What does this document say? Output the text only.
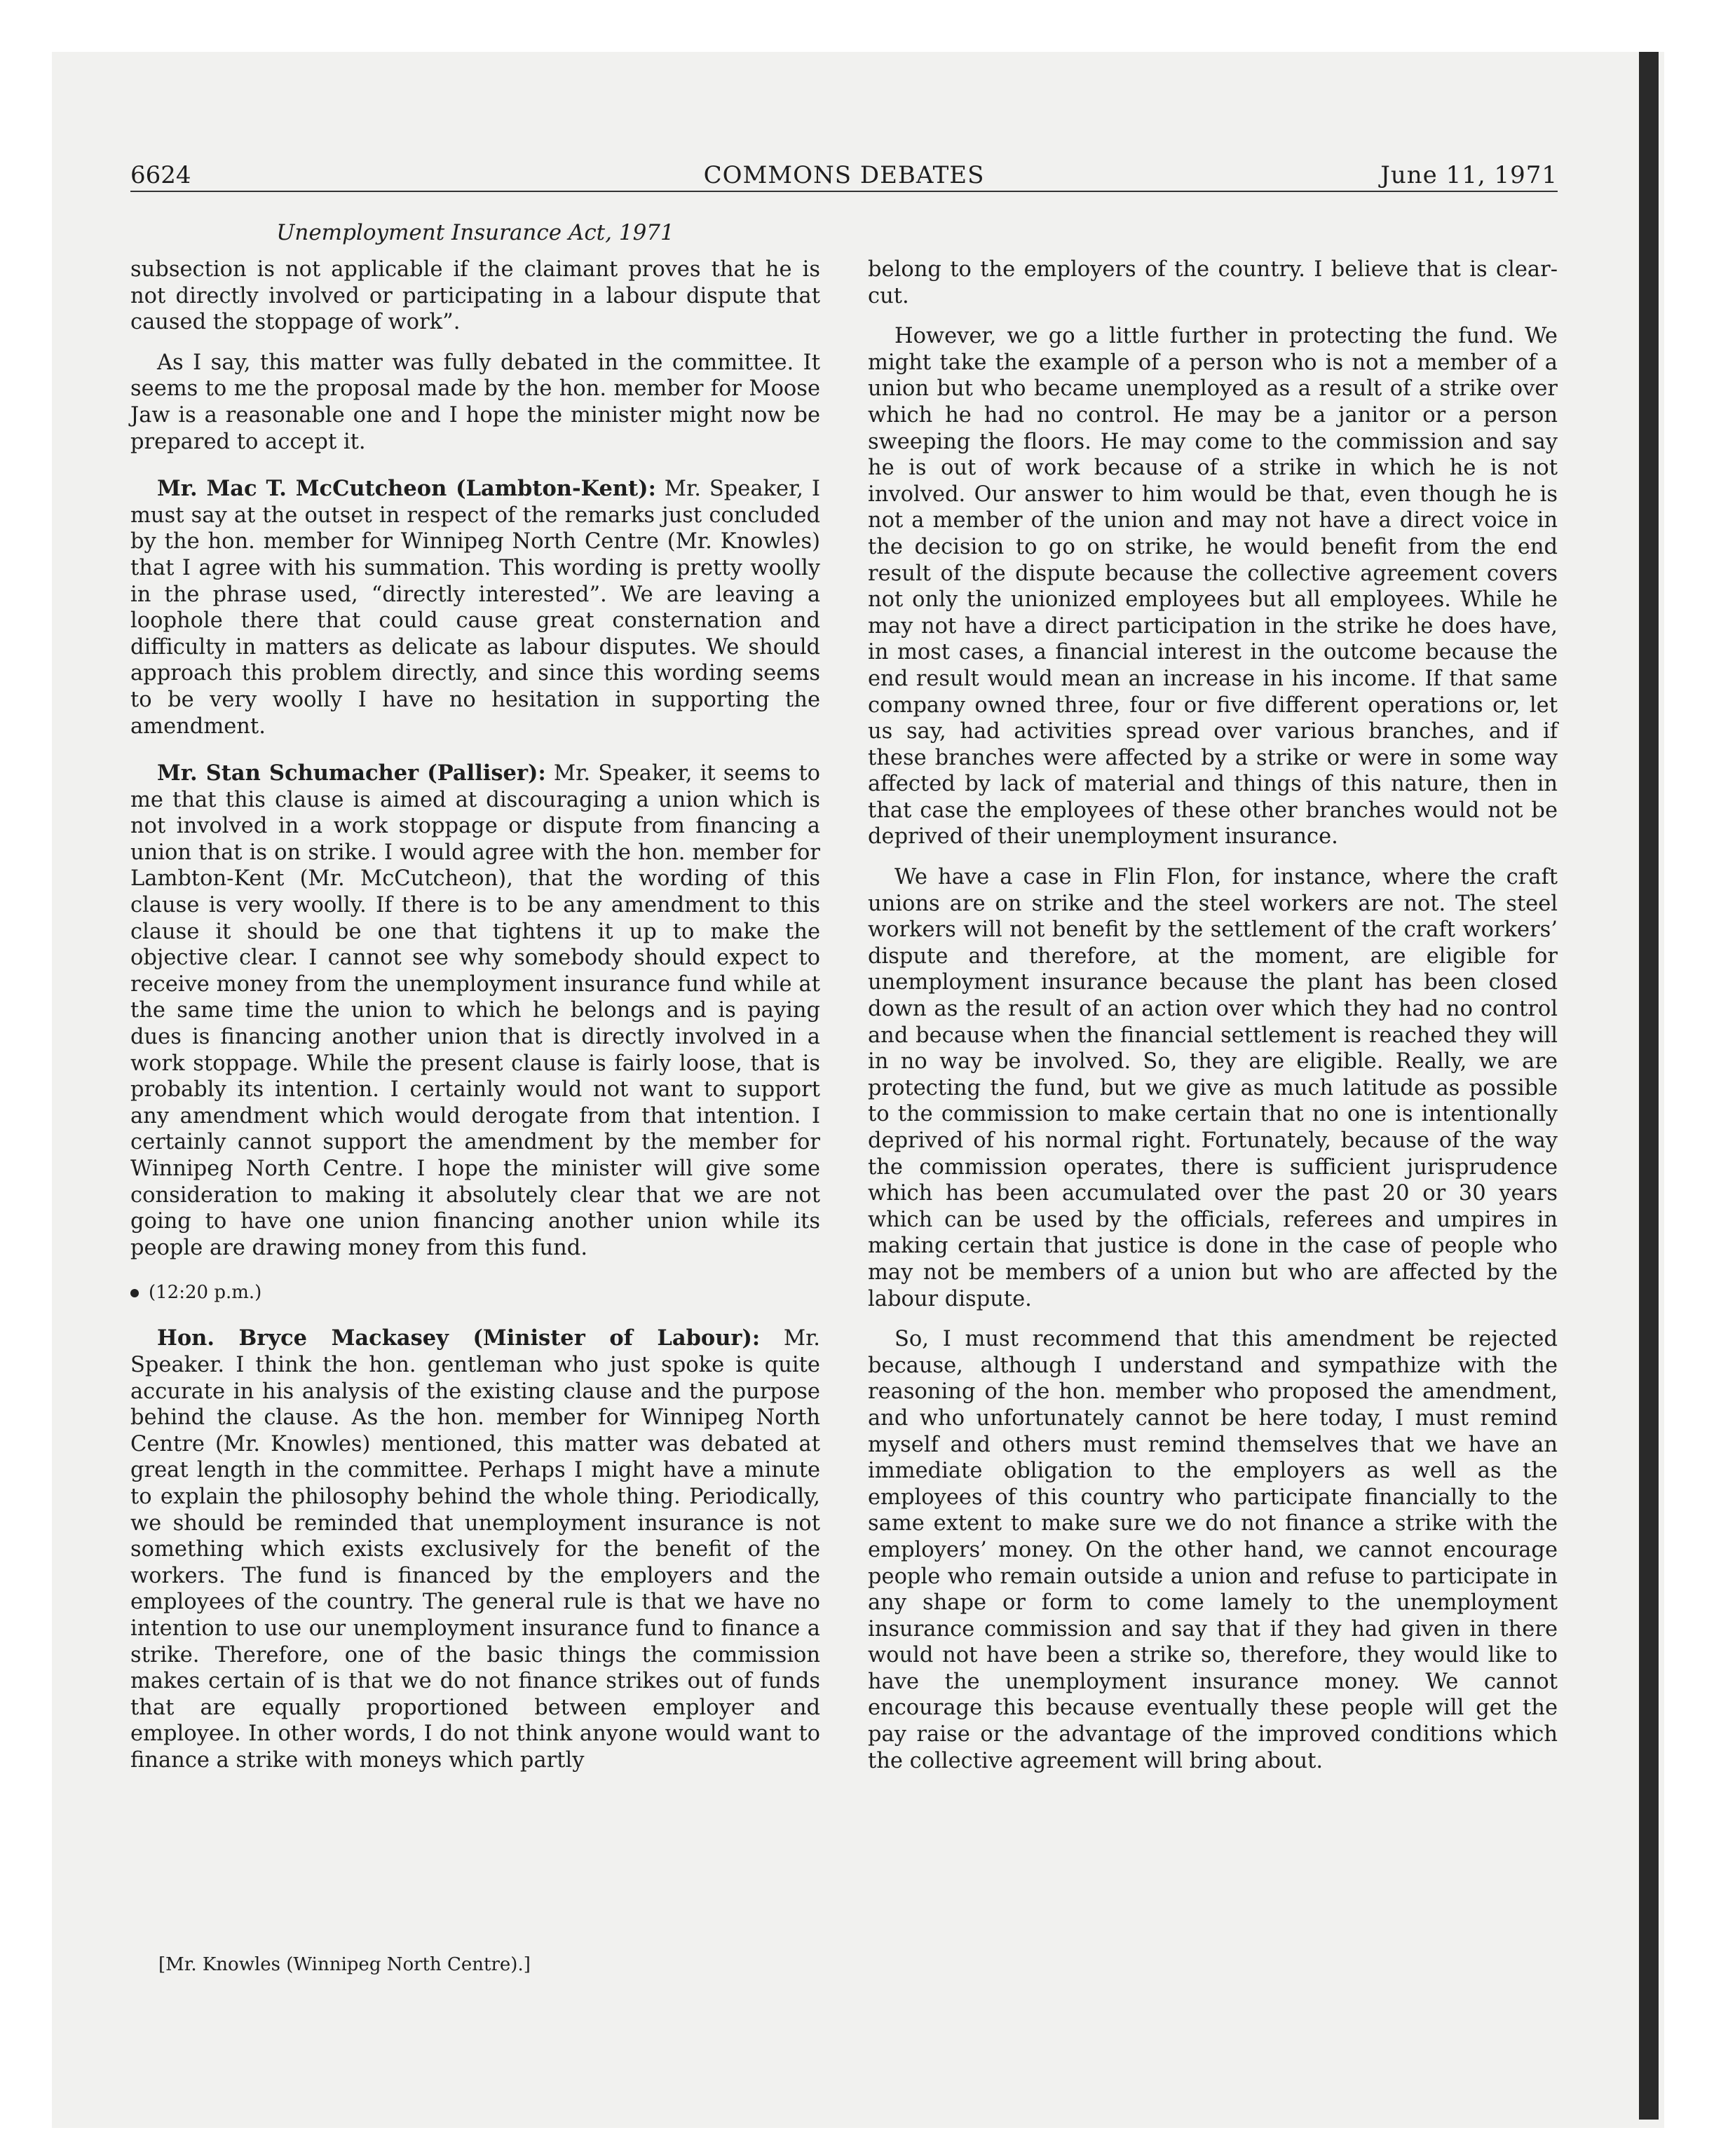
6624	COMMONS DEBATES	June 11, 1971
Unemployment Insurance Act, 1971

subsection is not applicable if the claimant proves that he is not directly involved or participating in a labour dispute that caused the stoppage of work”.

As I say, this matter was fully debated in the committee. It seems to me the proposal made by the hon. member for Moose Jaw is a reasonable one and I hope the minister might now be prepared to accept it.

Mr. Mac T. McCutcheon (Lambton-Kent): Mr. Speaker, I must say at the outset in respect of the remarks just concluded by the hon. member for Winnipeg North Centre (Mr. Knowles) that I agree with his summation. This wording is pretty woolly in the phrase used, “directly interested”. We are leaving a loophole there that could cause great consternation and difficulty in matters as delicate as labour disputes. We should approach this problem directly, and since this wording seems to be very woolly I have no hesitation in supporting the amendment.

Mr. Stan Schumacher (Palliser): Mr. Speaker, it seems to me that this clause is aimed at discouraging a union which is not involved in a work stoppage or dispute from financing a union that is on strike. I would agree with the hon. member for Lambton-Kent (Mr. McCutcheon), that the wording of this clause is very woolly. If there is to be any amendment to this clause it should be one that tightens it up to make the objective clear. I cannot see why somebody should expect to receive money from the unemployment insurance fund while at the same time the union to which he belongs and is paying dues is financing another union that is directly involved in a work stoppage. While the present clause is fairly loose, that is probably its intention. I certainly would not want to support any amendment which would derogate from that intention. I certainly cannot support the amendment by the member for Winnipeg North Centre. I hope the minister will give some consideration to making it absolutely clear that we are not going to have one union financing another union while its people are drawing money from this fund.

(12:20 p.m.)

Hon. Bryce Mackasey (Minister of Labour): Mr. Speaker. I think the hon. gentleman who just spoke is quite accurate in his analysis of the existing clause and the purpose behind the clause. As the hon. member for Winnipeg North Centre (Mr. Knowles) mentioned, this matter was debated at great length in the committee. Perhaps I might have a minute to explain the philosophy behind the whole thing. Periodically, we should be reminded that unemployment insurance is not something which exists exclusively for the benefit of the workers. The fund is financed by the employers and the employees of the country. The general rule is that we have no intention to use our unemployment insurance fund to finance a strike. Therefore, one of the basic things the commission makes certain of is that we do not finance strikes out of funds that are equally proportioned between employer and employee. In other words, I do not think anyone would want to finance a strike with moneys which partly

belong to the employers of the country. I believe that is clear-cut.

However, we go a little further in protecting the fund. We might take the example of a person who is not a member of a union but who became unemployed as a result of a strike over which he had no control. He may be a janitor or a person sweeping the floors. He may come to the commission and say he is out of work because of a strike in which he is not involved. Our answer to him would be that, even though he is not a member of the union and may not have a direct voice in the decision to go on strike, he would benefit from the end result of the dispute because the collective agreement covers not only the unionized employees but all employees. While he may not have a direct participation in the strike he does have, in most cases, a financial interest in the outcome because the end result would mean an increase in his income. If that same company owned three, four or five different operations or, let us say, had activities spread over various branches, and if these branches were affected by a strike or were in some way affected by lack of material and things of this nature, then in that case the employees of these other branches would not be deprived of their unemployment insurance.

We have a case in Flin Flon, for instance, where the craft unions are on strike and the steel workers are not. The steel workers will not benefit by the settlement of the craft workers’ dispute and therefore, at the moment, are eligible for unemployment insurance because the plant has been closed down as the result of an action over which they had no control and because when the financial settlement is reached they will in no way be involved. So, they are eligible. Really, we are protecting the fund, but we give as much latitude as possible to the commission to make certain that no one is intentionally deprived of his normal right. Fortunately, because of the way the commission operates, there is sufficient jurisprudence which has been accumulated over the past 20 or 30 years which can be used by the officials, referees and umpires in making certain that justice is done in the case of people who may not be members of a union but who are affected by the labour dispute.

So, I must recommend that this amendment be rejected because, although I understand and sympathize with the reasoning of the hon. member who proposed the amendment, and who unfortunately cannot be here today, I must remind myself and others must remind themselves that we have an immediate obligation to the employers as well as the employees of this country who participate financially to the same extent to make sure we do not finance a strike with the employers’ money. On the other hand, we cannot encourage people who remain outside a union and refuse to participate in any shape or form to come lamely to the unemployment insurance commission and say that if they had given in there would not have been a strike so, therefore, they would like to have the unemployment insurance money. We cannot encourage this because eventually these people will get the pay raise or the advantage of the improved conditions which the collective agreement will bring about.

[Mr. Knowles (Winnipeg North Centre).]
